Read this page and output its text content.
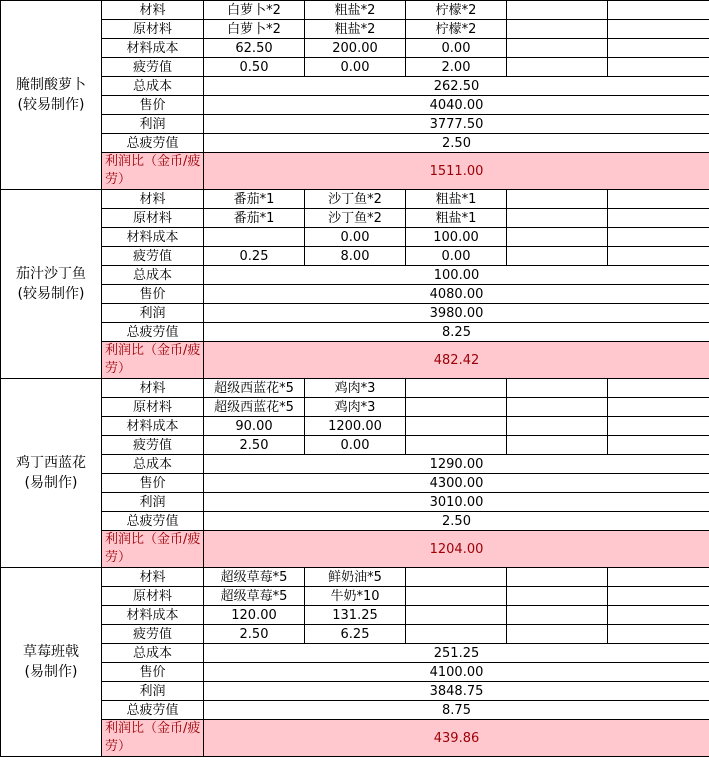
腌制酸萝卜
(较易制作)	材料	白萝卜*2	粗盐*2	柠檬*2		
	原材料	白萝卜*2	粗盐*2	柠檬*2		
	材料成本	62.50	200.00	0.00		
	疲劳值	0.50	0.00	2.00		
	总成本	262.50				
	售价	4040.00				
	利润	3777.50				
	总疲劳值	2.50				
	利润比（金币/疲劳）	1511.00				

茄汁沙丁鱼
(较易制作)	材料	番茄*1	沙丁鱼*2	粗盐*1		
	原材料	番茄*1	沙丁鱼*2	粗盐*1		
	材料成本		0.00	100.00		
	疲劳值	0.25	8.00	0.00		
	总成本	100.00				
	售价	4080.00				
	利润	3980.00				
	总疲劳值	8.25				
	利润比（金币/疲劳）	482.42				

鸡丁西蓝花
(易制作)	材料	超级西蓝花*5	鸡肉*3			
	原材料	超级西蓝花*5	鸡肉*3			
	材料成本	90.00	1200.00			
	疲劳值	2.50	0.00			
	总成本	1290.00				
	售价	4300.00				
	利润	3010.00				
	总疲劳值	2.50				
	利润比（金币/疲劳）	1204.00				

草莓班戟
(易制作)	材料	超级草莓*5	鲜奶油*5			
	原材料	超级草莓*5	牛奶*10			
	材料成本	120.00	131.25			
	疲劳值	2.50	6.25			
	总成本	251.25				
	售价	4100.00				
	利润	3848.75				
	总疲劳值	8.75				
	利润比（金币/疲劳）	439.86				
